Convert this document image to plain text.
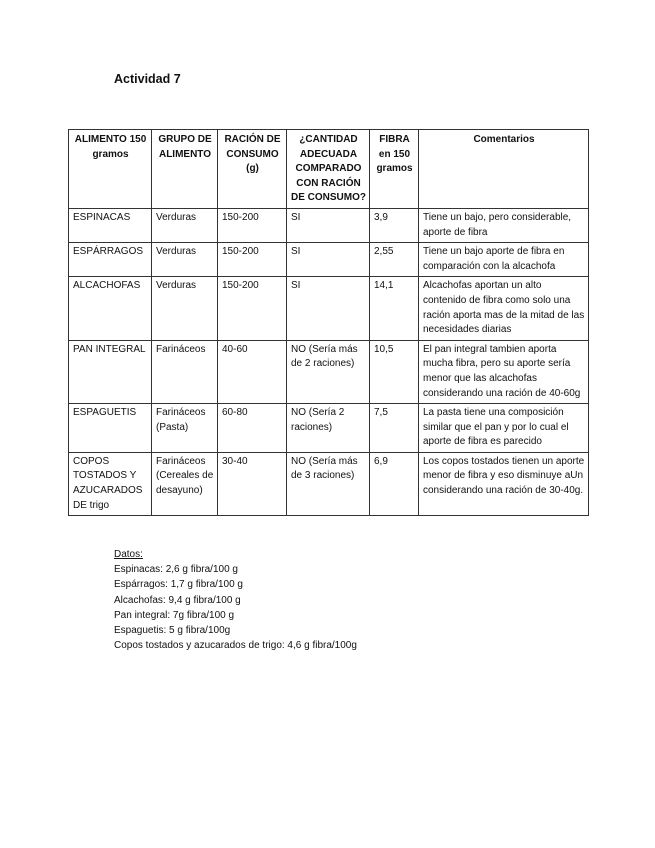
Actividad 7
ALIMENTO 150 gramos	GRUPO DE ALIMENTO	RACIÓN DE CONSUMO (g)	¿CANTIDAD ADECUADA COMPARADO CON RACIÓN DE CONSUMO?	FIBRA en 150 gramos	Comentarios
ESPINACAS	Verduras	150-200	SI	3,9	Tiene un bajo, pero considerable, aporte de fibra
ESPÁRRAGOS	Verduras	150-200	SI	2,55	Tiene un bajo aporte de fibra en comparación con la alcachofa
ALCACHOFAS	Verduras	150-200	SI	14,1	Alcachofas aportan un alto contenido de fibra como solo una ración aporta mas de la mitad de las necesidades diarias
PAN INTEGRAL	Farináceos	40-60	NO (Sería más de 2 raciones)	10,5	El pan integral tambien aporta mucha fibra, pero su aporte sería menor que las alcachofas considerando una ración de 40-60g
ESPAGUETIS	Farináceos (Pasta)	60-80	NO (Sería 2 raciones)	7,5	La pasta tiene una composición similar que el pan y por lo cual el aporte de fibra es parecido
COPOS TOSTADOS Y AZUCARADOS DE trigo	Farináceos (Cereales de desayuno)	30-40	NO (Sería más de 3 raciones)	6,9	Los copos tostados tienen un aporte menor de fibra y eso disminuye aUn considerando una ración de 30-40g.
Datos:
Espinacas: 2,6 g fibra/100 g
Espárragos: 1,7 g fibra/100 g
Alcachofas: 9,4 g fibra/100 g
Pan integral: 7g fibra/100 g
Espaguetis: 5 g fibra/100g
Copos tostados y azucarados de trigo: 4,6 g fibra/100g
